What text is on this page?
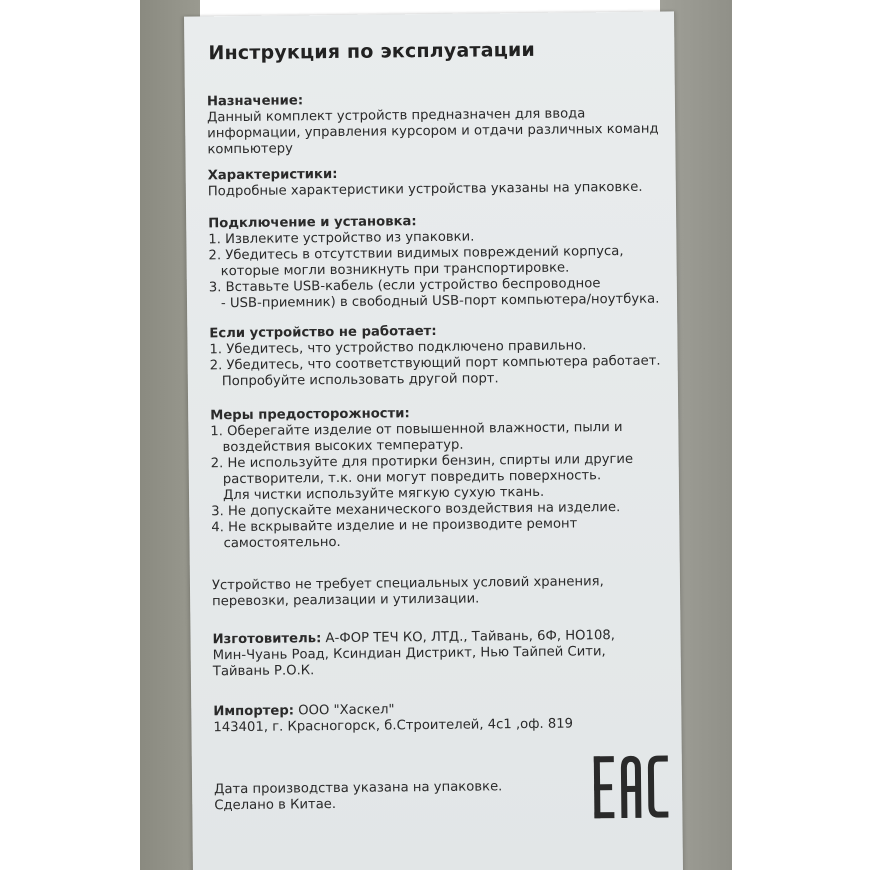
Инструкция по эксплуатации
Назначение:
Данный комплект устройств предназначен для ввода
информации, управления курсором и отдачи различных команд
компьютеру
Характеристики:
Подробные характеристики устройства указаны на упаковке.
Подключение и установка:
1. Извлеките устройство из упаковки.
2. Убедитесь в отсутствии видимых повреждений корпуса,
которые могли возникнуть при транспортировке.
3. Вставьте USB-кабель (если устройство беспроводное
- USB-приемник) в свободный USB-порт компьютера/ноутбука.
Если устройство не работает:
1. Убедитесь, что устройство подключено правильно.
2. Убедитесь, что соответствующий порт компьютера работает.
Попробуйте использовать другой порт.
Меры предосторожности:
1. Оберегайте изделие от повышенной влажности, пыли и
воздействия высоких температур.
2. Не используйте для протирки бензин, спирты или другие
растворители, т.к. они могут повредить поверхность.
Для чистки используйте мягкую сухую ткань.
3. Не допускайте механического воздействия на изделие.
4. Не вскрывайте изделие и не производите ремонт
самостоятельно.
Устройство не требует специальных условий хранения,
перевозки, реализации и утилизации.
Изготовитель: А-ФОР ТЕЧ КО, ЛТД., Тайвань, 6Ф, НО108,
Мин-Чуань Роад, Ксиндиан Дистрикт, Нью Тайпей Сити,
Тайвань Р.О.К.
Импортер: ООО "Хаскел"
143401, г. Красногорск, б.Строителей, 4с1 ,оф. 819
Дата производства указана на упаковке.
Сделано в Китае.
